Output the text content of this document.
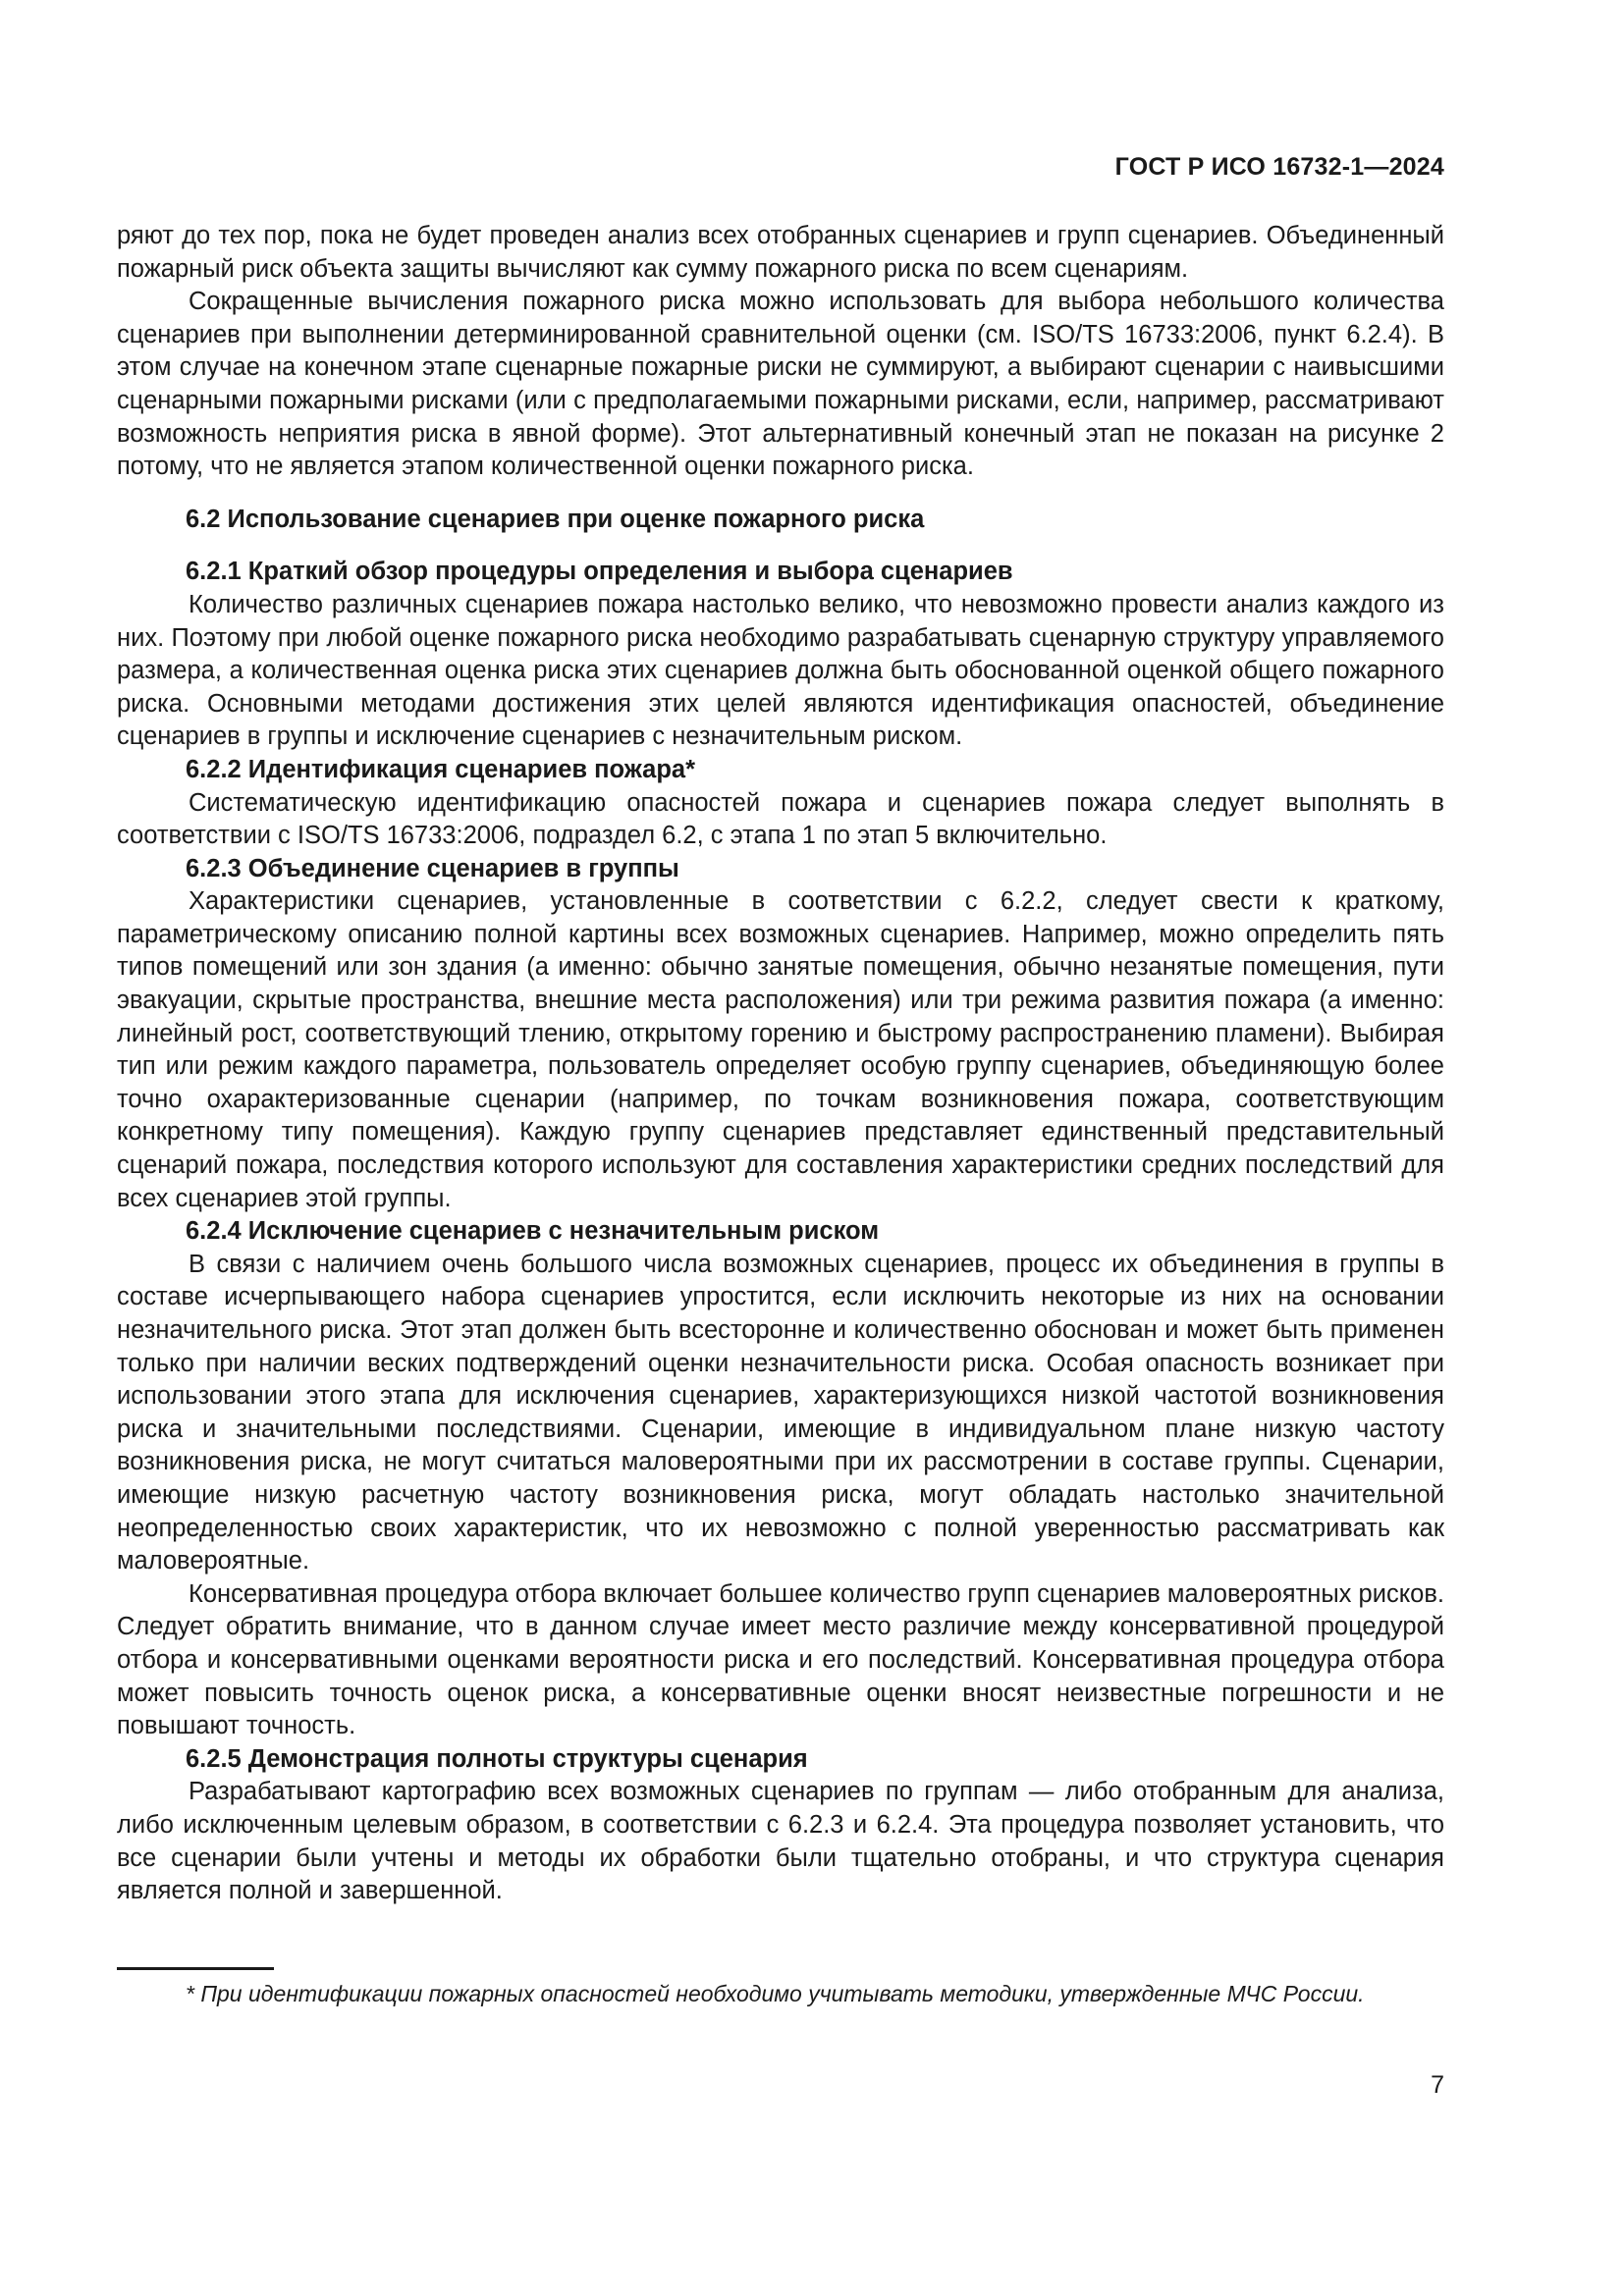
ГОСТ Р ИСО 16732-1—2024

ряют до тех пор, пока не будет проведен анализ всех отобранных сценариев и групп сценариев. Объединенный пожарный риск объекта защиты вычисляют как сумму пожарного риска по всем сценариям.

Сокращенные вычисления пожарного риска можно использовать для выбора небольшого количества сценариев при выполнении детерминированной сравнительной оценки (см. ISO/TS 16733:2006, пункт 6.2.4). В этом случае на конечном этапе сценарные пожарные риски не суммируют, а выбирают сценарии с наивысшими сценарными пожарными рисками (или с предполагаемыми пожарными рисками, если, например, рассматривают возможность неприятия риска в явной форме). Этот альтернативный конечный этап не показан на рисунке 2 потому, что не является этапом количественной оценки пожарного риска.

6.2 Использование сценариев при оценке пожарного риска

6.2.1 Краткий обзор процедуры определения и выбора сценариев

Количество различных сценариев пожара настолько велико, что невозможно провести анализ каждого из них. Поэтому при любой оценке пожарного риска необходимо разрабатывать сценарную структуру управляемого размера, а количественная оценка риска этих сценариев должна быть обоснованной оценкой общего пожарного риска. Основными методами достижения этих целей являются идентификация опасностей, объединение сценариев в группы и исключение сценариев с незначительным риском.

6.2.2 Идентификация сценариев пожара*

Систематическую идентификацию опасностей пожара и сценариев пожара следует выполнять в соответствии с ISO/TS 16733:2006, подраздел 6.2, с этапа 1 по этап 5 включительно.

6.2.3 Объединение сценариев в группы

Характеристики сценариев, установленные в соответствии с 6.2.2, следует свести к краткому, параметрическому описанию полной картины всех возможных сценариев. Например, можно определить пять типов помещений или зон здания (а именно: обычно занятые помещения, обычно незанятые помещения, пути эвакуации, скрытые пространства, внешние места расположения) или три режима развития пожара (а именно: линейный рост, соответствующий тлению, открытому горению и быстрому распространению пламени). Выбирая тип или режим каждого параметра, пользователь определяет особую группу сценариев, объединяющую более точно охарактеризованные сценарии (например, по точкам возникновения пожара, соответствующим конкретному типу помещения). Каждую группу сценариев представляет единственный представительный сценарий пожара, последствия которого используют для составления характеристики средних последствий для всех сценариев этой группы.

6.2.4 Исключение сценариев с незначительным риском

В связи с наличием очень большого числа возможных сценариев, процесс их объединения в группы в составе исчерпывающего набора сценариев упростится, если исключить некоторые из них на основании незначительного риска. Этот этап должен быть всесторонне и количественно обоснован и может быть применен только при наличии веских подтверждений оценки незначительности риска. Особая опасность возникает при использовании этого этапа для исключения сценариев, характеризующихся низкой частотой возникновения риска и значительными последствиями. Сценарии, имеющие в индивидуальном плане низкую частоту возникновения риска, не могут считаться маловероятными при их рассмотрении в составе группы. Сценарии, имеющие низкую расчетную частоту возникновения риска, могут обладать настолько значительной неопределенностью своих характеристик, что их невозможно с полной уверенностью рассматривать как маловероятные.

Консервативная процедура отбора включает большее количество групп сценариев маловероятных рисков. Следует обратить внимание, что в данном случае имеет место различие между консервативной процедурой отбора и консервативными оценками вероятности риска и его последствий. Консервативная процедура отбора может повысить точность оценок риска, а консервативные оценки вносят неизвестные погрешности и не повышают точность.

6.2.5 Демонстрация полноты структуры сценария

Разрабатывают картографию всех возможных сценариев по группам — либо отобранным для анализа, либо исключенным целевым образом, в соответствии с 6.2.3 и 6.2.4. Эта процедура позволяет установить, что все сценарии были учтены и методы их обработки были тщательно отобраны, и что структура сценария является полной и завершенной.

* При идентификации пожарных опасностей необходимо учитывать методики, утвержденные МЧС России.

7
